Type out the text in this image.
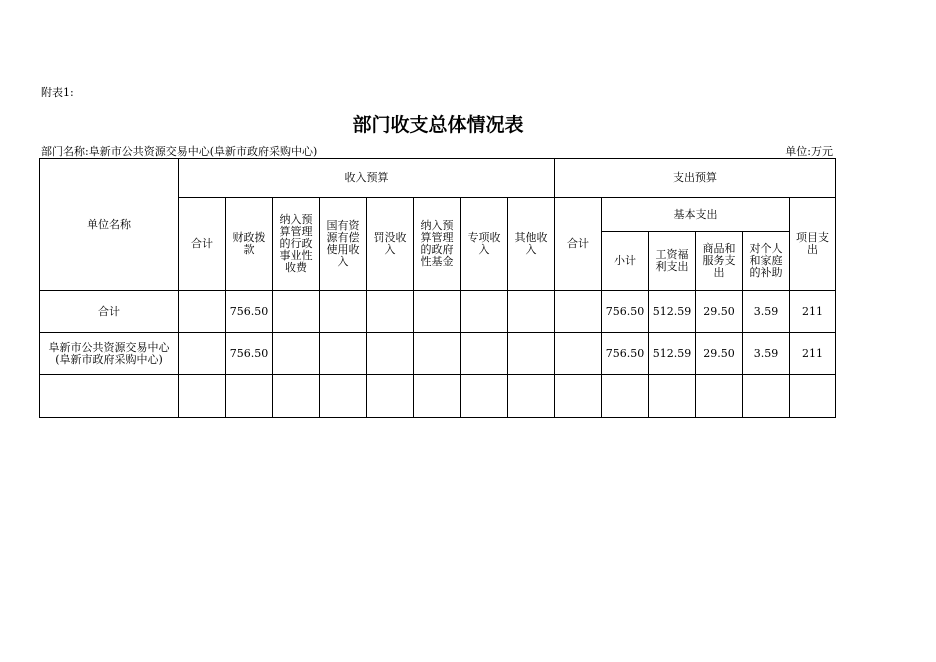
附表1:
部门收支总体情况表
部门名称:阜新市公共资源交易中心(阜新市政府采购中心)	单位:万元
单位名称	收入预算								支出预算					
	合计	财政拨款	纳入预算管理的行政事业性收费	国有资源有偿使用收入	罚没收入	纳入预算管理的政府性基金	专项收入	其他收入	合计	基本支出				项目支出
										小计	工资福利支出	商品和服务支出	对个人和家庭的补助	
合计		756.50								756.50	512.59	29.50	3.59	211
阜新市公共资源交易中心(阜新市政府采购中心)		756.50								756.50	512.59	29.50	3.59	211
